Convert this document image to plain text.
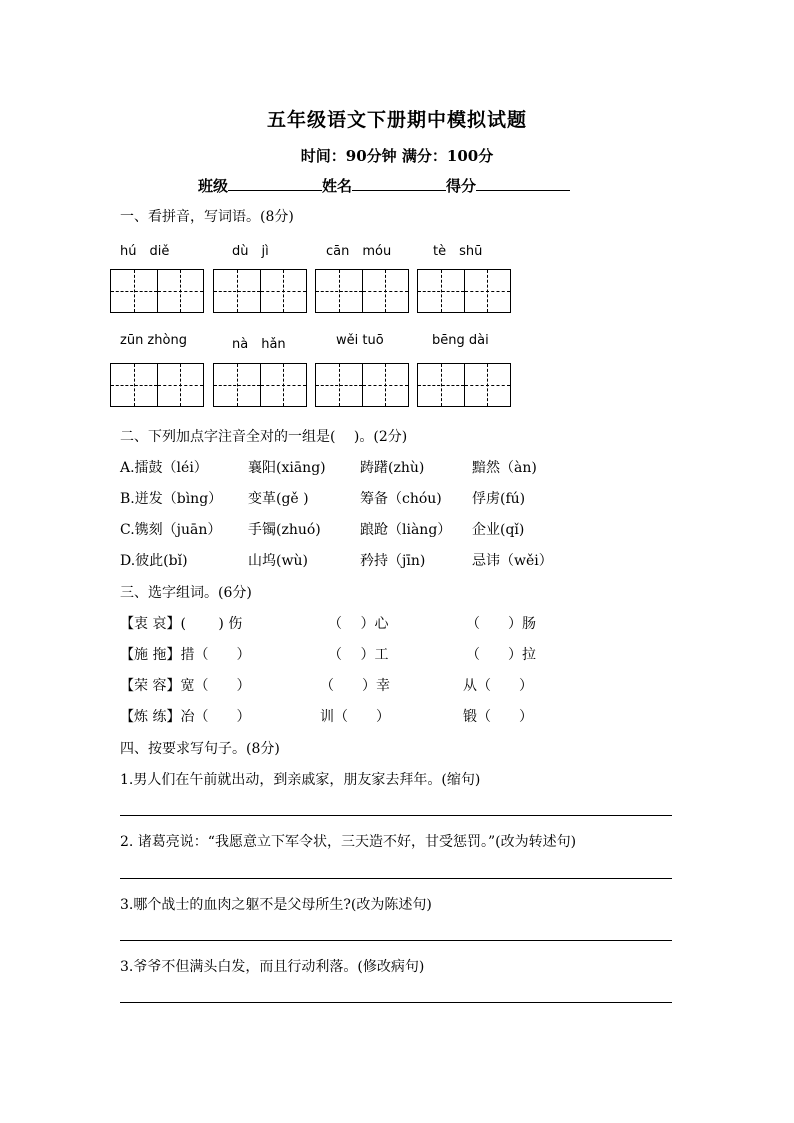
五年级语文下册期中模拟试题
时间：90分钟 满分：100分
班级	姓名	得分
一、看拼音，写词语。(8分)
hú　diě	dù　jì	cān　móu	tè　shū
zūn zhòng	nà　hǎn	wěi tuō	bēng dài
二、下列加点字注音全对的一组是(　 )。(2分)
A.擂鼓（léi）	襄阳(xiāng) 踌躇(zhù)	黯然（àn)
B.迸发（bìng） 变革(gě )	筹备（chóu) 俘虏(fú)
C.镌刻（juān） 手镯(zhuó)	踉跄（liàng） 企业(qǐ)
D.彼此(bǐ)	山坞(wù)	矜持（jīn)	忌讳（wěi）
三、选字组词。(6分)
【衷 哀】(　　 ) 伤	（　 ）心	（　　）肠
【施 拖】措（　　）	（　 ）工	（　　）拉
【荣 容】宽（　　）	（　　）幸	从（　　）
【炼 练】冶（　　）	训（　　）	锻（　　）
四、按要求写句子。(8分)
1.男人们在午前就出动，到亲戚家，朋友家去拜年。(缩句)
2. 诸葛亮说：“我愿意立下军令状，三天造不好，甘受惩罚。”(改为转述句)
3.哪个战士的血肉之躯不是父母所生?(改为陈述句)
3.爷爷不但满头白发，而且行动利落。(修改病句)
